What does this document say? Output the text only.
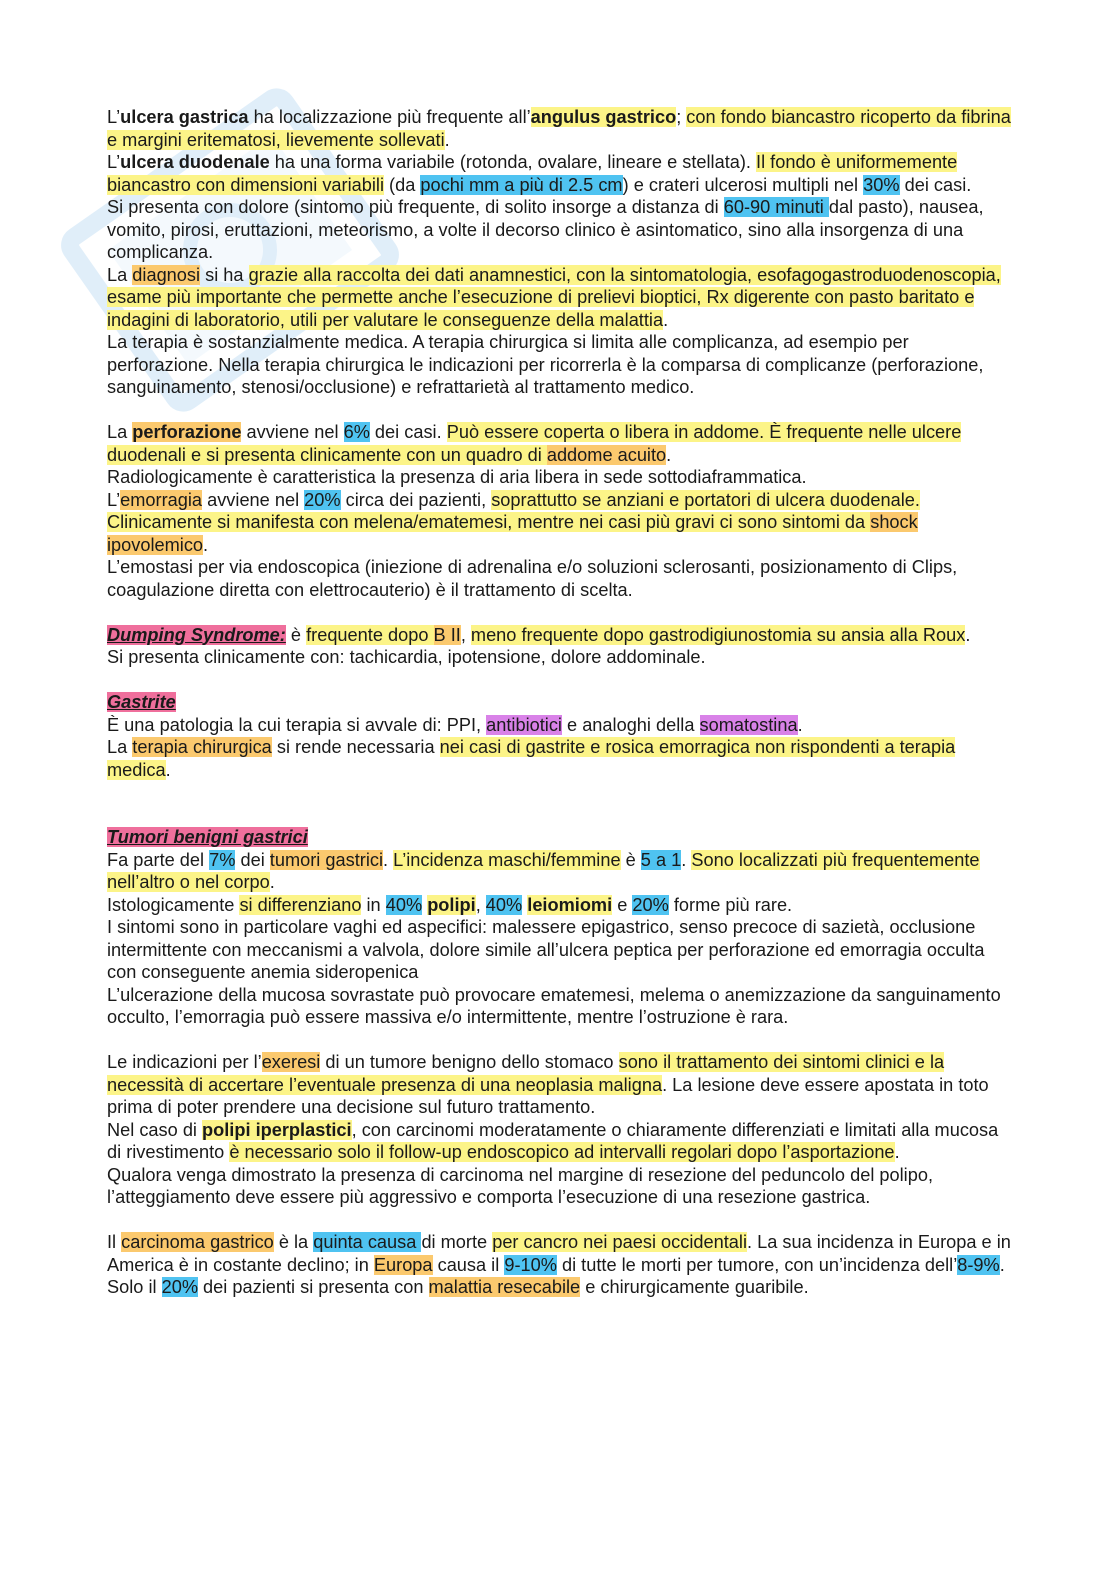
L’ulcera gastrica ha localizzazione più frequente all’angulus gastrico; con fondo biancastro ricoperto da fibrina e margini eritematosi, lievemente sollevati.

L’ulcera duodenale ha una forma variabile (rotonda, ovalare, lineare e stellata). Il fondo è uniformemente biancastro con dimensioni variabili (da pochi mm a più di 2.5 cm) e crateri ulcerosi multipli nel 30% dei casi.

Si presenta con dolore (sintomo più frequente, di solito insorge a distanza di 60-90 minuti dal pasto), nausea, vomito, pirosi, eruttazioni, meteorismo, a volte il decorso clinico è asintomatico, sino alla insorgenza di una complicanza.

La diagnosi si ha grazie alla raccolta dei dati anamnestici, con la sintomatologia, esofagogastroduodenoscopia, esame più importante che permette anche l’esecuzione di prelievi bioptici, Rx digerente con pasto baritato e indagini di laboratorio, utili per valutare le conseguenze della malattia.

La terapia è sostanzialmente medica. A terapia chirurgica si limita alle complicanza, ad esempio per perforazione. Nella terapia chirurgica le indicazioni per ricorrerla è la comparsa di complicanze (perforazione, sanguinamento, stenosi/occlusione) e refrattarietà al trattamento medico.

La perforazione avviene nel 6% dei casi. Può essere coperta o libera in addome. È frequente nelle ulcere duodenali e si presenta clinicamente con un quadro di addome acuito.

Radiologicamente è caratteristica la presenza di aria libera in sede sottodiaframmatica.

L’emorragia avviene nel 20% circa dei pazienti, soprattutto se anziani e portatori di ulcera duodenale. Clinicamente si manifesta con melena/ematemesi, mentre nei casi più gravi ci sono sintomi da shock ipovolemico.

L’emostasi per via endoscopica (iniezione di adrenalina e/o soluzioni sclerosanti, posizionamento di Clips, coagulazione diretta con elettrocauterio) è il trattamento di scelta.

Dumping Syndrome: è frequente dopo B II, meno frequente dopo gastrodigiunostomia su ansia alla Roux.

Si presenta clinicamente con: tachicardia, ipotensione, dolore addominale.

Gastrite

È una patologia la cui terapia si avvale di: PPI, antibiotici e analoghi della somatostina.

La terapia chirurgica si rende necessaria nei casi di gastrite e rosica emorragica non rispondenti a terapia medica.

Tumori benigni gastrici

Fa parte del 7% dei tumori gastrici. L’incidenza maschi/femmine è 5 a 1. Sono localizzati più frequentemente nell’altro o nel corpo.

Istologicamente si differenziano in 40% polipi, 40% leiomiomi e 20% forme più rare.

I sintomi sono in particolare vaghi ed aspecifici: malessere epigastrico, senso precoce di sazietà, occlusione intermittente con meccanismi a valvola, dolore simile all’ulcera peptica per perforazione ed emorragia occulta con conseguente anemia sideropenica

L’ulcerazione della mucosa sovrastate può provocare ematemesi, melema o anemizzazione da sanguinamento occulto, l’emorragia può essere massiva e/o intermittente, mentre l’ostruzione è rara.

Le indicazioni per l’exeresi di un tumore benigno dello stomaco sono il trattamento dei sintomi clinici e la necessità di accertare l’eventuale presenza di una neoplasia maligna. La lesione deve essere apostata in toto prima di poter prendere una decisione sul futuro trattamento.

Nel caso di polipi iperplastici, con carcinomi moderatamente o chiaramente differenziati e limitati alla mucosa di rivestimento è necessario solo il follow-up endoscopico ad intervalli regolari dopo l’asportazione.

Qualora venga dimostrato la presenza di carcinoma nel margine di resezione del peduncolo del polipo, l’atteggiamento deve essere più aggressivo e comporta l’esecuzione di una resezione gastrica.

Il carcinoma gastrico è la quinta causa di morte per cancro nei paesi occidentali. La sua incidenza in Europa e in America è in costante declino; in Europa causa il 9-10% di tutte le morti per tumore, con un’incidenza dell’8-9%.

Solo il 20% dei pazienti si presenta con malattia resecabile e chirurgicamente guaribile.
